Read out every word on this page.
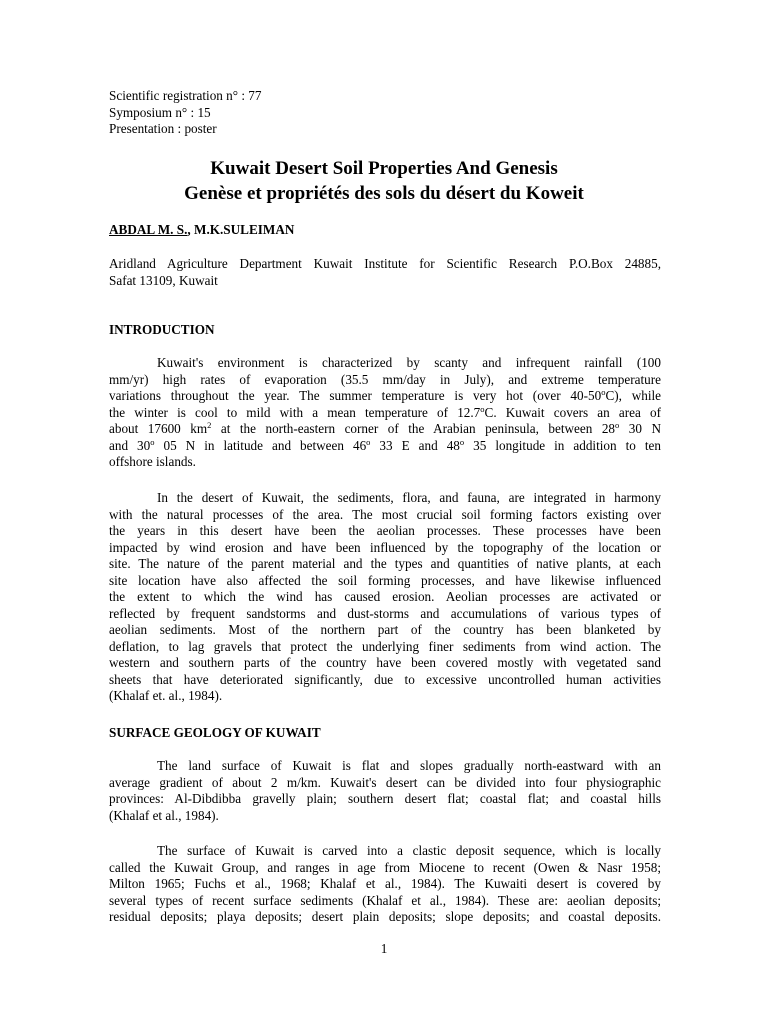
Scientific registration n° : 77
Symposium n° : 15
Presentation : poster
Kuwait Desert Soil Properties And Genesis
Genèse et propriétés des sols du désert du Koweit
ABDAL M. S., M.K.SULEIMAN
Aridland Agriculture Department Kuwait Institute for Scientific Research P.O.Box 24885,
Safat 13109, Kuwait
INTRODUCTION
Kuwait's environment is characterized by scanty and infrequent rainfall (100
mm/yr) high rates of evaporation (35.5 mm/day in July), and extreme temperature
variations throughout the year. The summer temperature is very hot (over 40-50$^o$C), while
the winter is cool to mild with a mean temperature of 12.7$^o$C. Kuwait covers an area of
about 17600 $km^2$ at the north-eastern corner of the Arabian peninsula, between 28$^o$ 30 N
and 30$^o$ 05 N in latitude and between 46$^o$ 33 E and 48$^o$ 35 longitude in addition to ten
offshore islands.
In the desert of Kuwait, the sediments, flora, and fauna, are integrated in harmony
with the natural processes of the area. The most crucial soil forming factors existing over
the years in this desert have been the aeolian processes. These processes have been
impacted by wind erosion and have been influenced by the topography of the location or
site. The nature of the parent material and the types and quantities of native plants, at each
site location have also affected the soil forming processes, and have likewise influenced
the extent to which the wind has caused erosion. Aeolian processes are activated or
reflected by frequent sandstorms and dust-storms and accumulations of various types of
aeolian sediments. Most of the northern part of the country has been blanketed by
deflation, to lag gravels that protect the underlying finer sediments from wind action. The
western and southern parts of the country have been covered mostly with vegetated sand
sheets that have deteriorated significantly, due to excessive uncontrolled human activities
(Khalaf et. al., 1984).
SURFACE GEOLOGY OF KUWAIT
The land surface of Kuwait is flat and slopes gradually north-eastward with an
average gradient of about 2 m/km. Kuwait's desert can be divided into four physiographic
provinces: Al-Dibdibba gravelly plain; southern desert flat; coastal flat; and coastal hills
(Khalaf et al., 1984).
The surface of Kuwait is carved into a clastic deposit sequence, which is locally
called the Kuwait Group, and ranges in age from Miocene to recent (Owen & Nasr 1958;
Milton 1965; Fuchs et al., 1968; Khalaf et al., 1984). The Kuwaiti desert is covered by
several types of recent surface sediments (Khalaf et al., 1984). These are: aeolian deposits;
residual deposits; playa deposits; desert plain deposits; slope deposits; and coastal deposits.
1
